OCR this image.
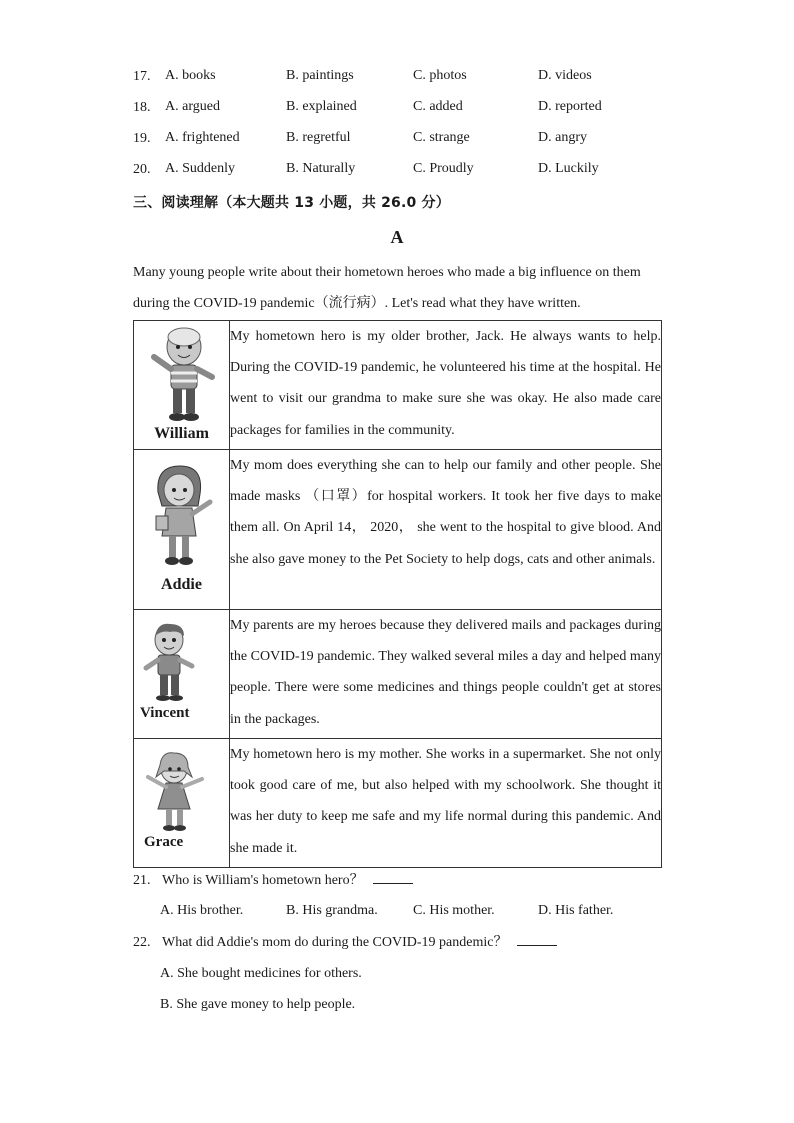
17. A. books	B. paintings	C. photos	D. videos
18. A. argued	B. explained	C. added	D. reported
19. A. frightened	B. regretful	C. strange	D. angry
20. A. Suddenly	B. Naturally	C. Proudly	D. Luckily
三、阅读理解（本大题共 13 小题，共 26.0 分）
A
Many young people write about their hometown heroes who made a big influence on them
during the COVID-19 pandemic（流行病）. Let's read what they have written.
William	My hometown hero is my older brother, Jack. He always wants to help. During the COVID-19 pandemic, he volunteered his time at the hospital. He went to visit our grandma to make sure she was okay. He also made care packages for families in the community.

Addie	My mom does everything she can to help our family and other people. She made masks （口罩）for hospital workers. It took her five days to make them all. On April 14， 2020， she went to the hospital to give blood. And she also gave money to the Pet Society to help dogs, cats and other animals.

Vincent	My parents are my heroes because they delivered mails and packages during the COVID-19 pandemic. They walked several miles a day and helped many people. There were some medicines and things people couldn't get at stores in the packages.

Grace	My hometown hero is my mother. She works in a supermarket. She not only took good care of me, but also helped with my schoolwork. She thought it was her duty to keep me safe and my life normal during this pandemic. And she made it.
21. Who is William's hometown hero？
A. His brother.	B. His grandma.	C. His mother.	D. His father.
22. What did Addie's mom do during the COVID-19 pandemic？
A. She bought medicines for others.
B. She gave money to help people.
